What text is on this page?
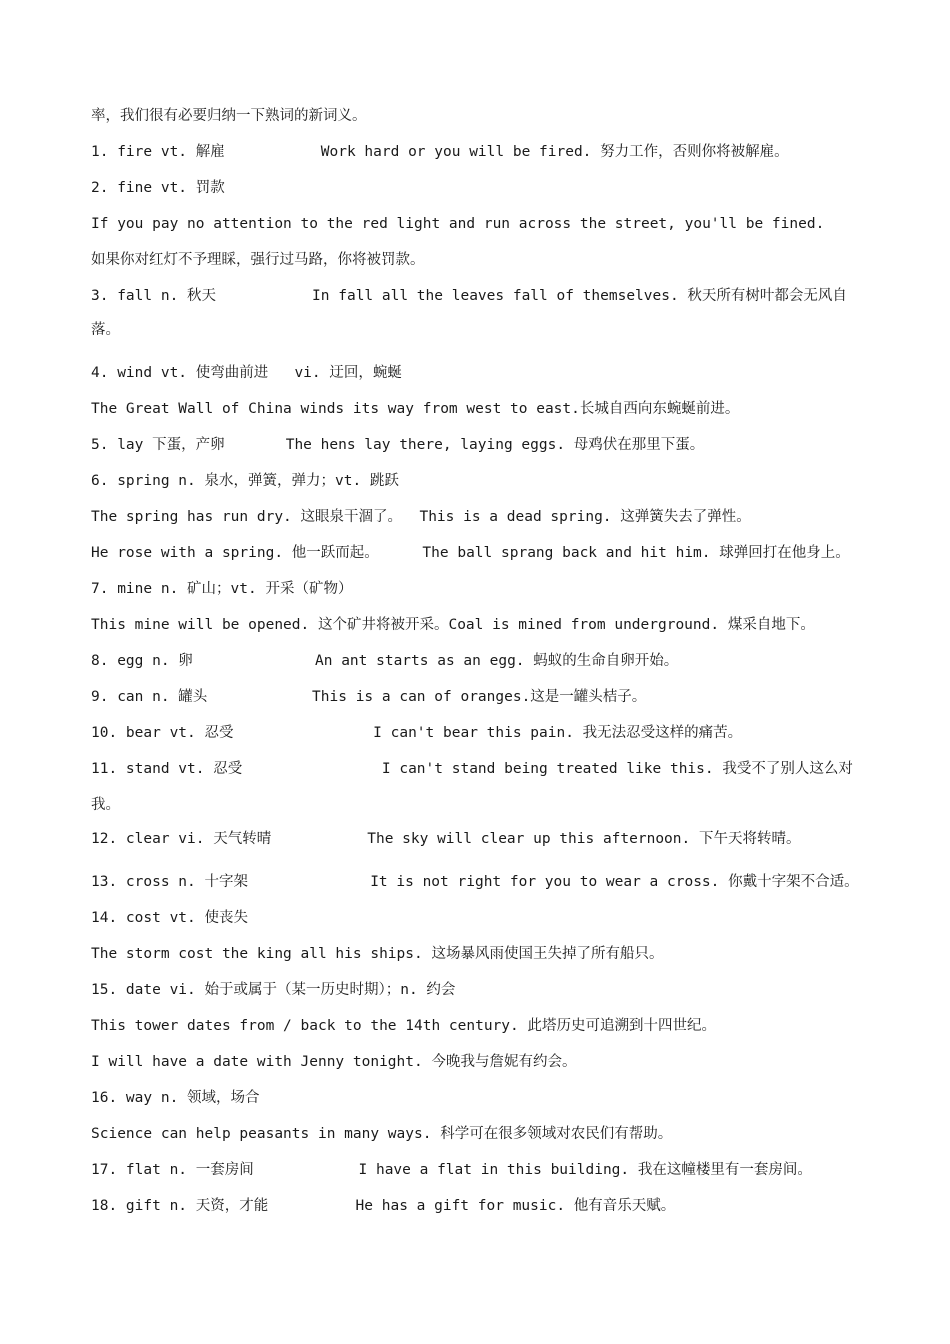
率，我们很有必要归纳一下熟词的新词义。
1. fire vt. 解雇           Work hard or you will be fired. 努力工作，否则你将被解雇。
2. fine vt. 罚款
If you pay no attention to the red light and run across the street, you'll be fined.
如果你对红灯不予理睬，强行过马路，你将被罚款。
3. fall n. 秋天           In fall all the leaves fall of themselves. 秋天所有树叶都会无风自
落。
4. wind vt. 使弯曲前进   vi. 迂回，蜿蜒
The Great Wall of China winds its way from west to east.长城自西向东蜿蜒前进。
5. lay 下蛋，产卵       The hens lay there, laying eggs. 母鸡伏在那里下蛋。
6. spring n. 泉水，弹簧，弹力；vt. 跳跃
The spring has run dry. 这眼泉干涸了。  This is a dead spring. 这弹簧失去了弹性。
He rose with a spring. 他一跃而起。     The ball sprang back and hit him. 球弹回打在他身上。
7. mine n. 矿山；vt. 开采（矿物）
This mine will be opened. 这个矿井将被开采。Coal is mined from underground. 煤采自地下。
8. egg n. 卵              An ant starts as an egg. 蚂蚁的生命自卵开始。
9. can n. 罐头            This is a can of oranges.这是一罐头桔子。
10. bear vt. 忍受                I can't bear this pain. 我无法忍受这样的痛苦。
11. stand vt. 忍受                I can't stand being treated like this. 我受不了别人这么对
我。
12. clear vi. 天气转晴           The sky will clear up this afternoon. 下午天将转晴。
13. cross n. 十字架              It is not right for you to wear a cross. 你戴十字架不合适。
14. cost vt. 使丧失
The storm cost the king all his ships. 这场暴风雨使国王失掉了所有船只。
15. date vi. 始于或属于（某一历史时期）；n. 约会
This tower dates from / back to the 14th century. 此塔历史可追溯到十四世纪。
I will have a date with Jenny tonight. 今晚我与詹妮有约会。
16. way n. 领域，场合
Science can help peasants in many ways. 科学可在很多领域对农民们有帮助。
17. flat n. 一套房间            I have a flat in this building. 我在这幢楼里有一套房间。
18. gift n. 天资，才能          He has a gift for music. 他有音乐天赋。
